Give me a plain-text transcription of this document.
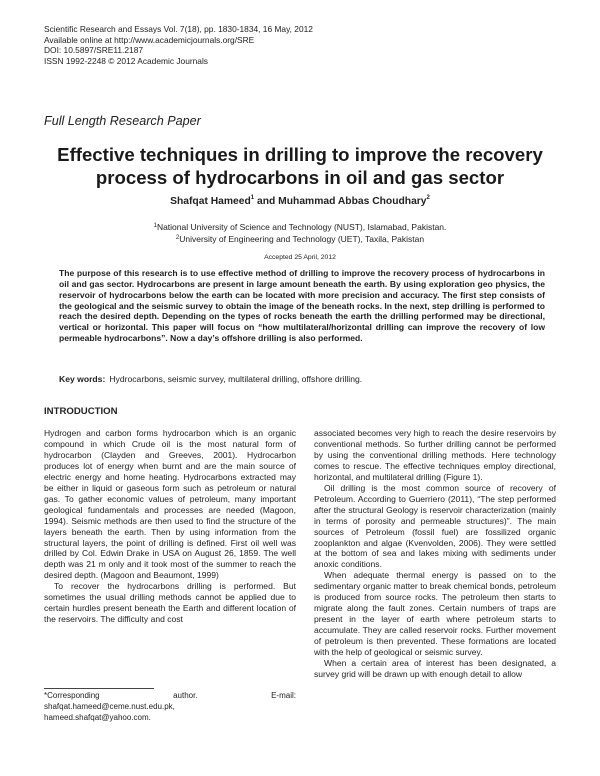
Scientific Research and Essays Vol. 7(18), pp. 1830-1834, 16 May, 2012
Available online at http://www.academicjournals.org/SRE
DOI: 10.5897/SRE11.2187
ISSN 1992-2248 © 2012 Academic Journals
Full Length Research Paper
Effective techniques in drilling to improve the recovery process of hydrocarbons in oil and gas sector
Shafqat Hameed$^1$ and Muhammad Abbas Choudhary$^2$
$^1$National University of Science and Technology (NUST), Islamabad, Pakistan.
$^2$University of Engineering and Technology (UET), Taxila, Pakistan
Accepted 25 April, 2012
The purpose of this research is to use effective method of drilling to improve the recovery process of hydrocarbons in oil and gas sector. Hydrocarbons are present in large amount beneath the earth. By using exploration geo physics, the reservoir of hydrocarbons below the earth can be located with more precision and accuracy. The first step consists of the geological and the seismic survey to obtain the image of the beneath rocks. In the next, step drilling is performed to reach the desired depth. Depending on the types of rocks beneath the earth the drilling performed may be directional, vertical or horizontal. This paper will focus on “how multilateral/horizontal drilling can improve the recovery of low permeable hydrocarbons”. Now a day’s offshore drilling is also performed.
Key words: Hydrocarbons, seismic survey, multilateral drilling, offshore drilling.
INTRODUCTION

Hydrogen and carbon forms hydrocarbon which is an organic compound in which Crude oil is the most natural form of hydrocarbon (Clayden and Greeves, 2001). Hydrocarbon produces lot of energy when burnt and are the main source of electric energy and home heating. Hydrocarbons extracted may be either in liquid or gaseous form such as petroleum or natural gas. To gather economic values of petroleum, many important geological fundamentals and processes are needed (Magoon, 1994). Seismic methods are then used to find the structure of the layers beneath the earth. Then by using information from the structural layers, the point of drilling is defined. First oil well was drilled by Col. Edwin Drake in USA on August 26, 1859. The well depth was 21 m only and it took most of the summer to reach the desired depth. (Magoon and Beaumont, 1999)

To recover the hydrocarbons drilling is performed. But sometimes the usual drilling methods cannot be applied due to certain hurdles present beneath the Earth and different location of the reservoirs. The difficulty and cost

associated becomes very high to reach the desire reservoirs by conventional methods. So further drilling cannot be performed by using the conventional drilling methods. Here technology comes to rescue. The effective techniques employ directional, horizontal, and multilateral drilling (Figure 1).

Oil drilling is the most common source of recovery of Petroleum. According to Guerriero (2011), “The step performed after the structural Geology is reservoir characterization (mainly in terms of porosity and permeable structures)”. The main sources of Petroleum (fossil fuel) are fossilized organic zooplankton and algae (Kvenvolden, 2006). They were settled at the bottom of sea and lakes mixing with sediments under anoxic conditions.

When adequate thermal energy is passed on to the sedimentary organic matter to break chemical bonds, petroleum is produced from source rocks. The petroleum then starts to migrate along the fault zones. Certain numbers of traps are present in the layer of earth where petroleum starts to accumulate. They are called reservoir rocks. Further movement of petroleum is then prevented. These formations are located with the help of geological or seismic survey.

When a certain area of interest has been designated, a survey grid will be drawn up with enough detail to allow

*Corresponding	author.	E-mail:
shafqat.hameed@ceme.nust.edu.pk,
hameed.shafqat@yahoo.com.
